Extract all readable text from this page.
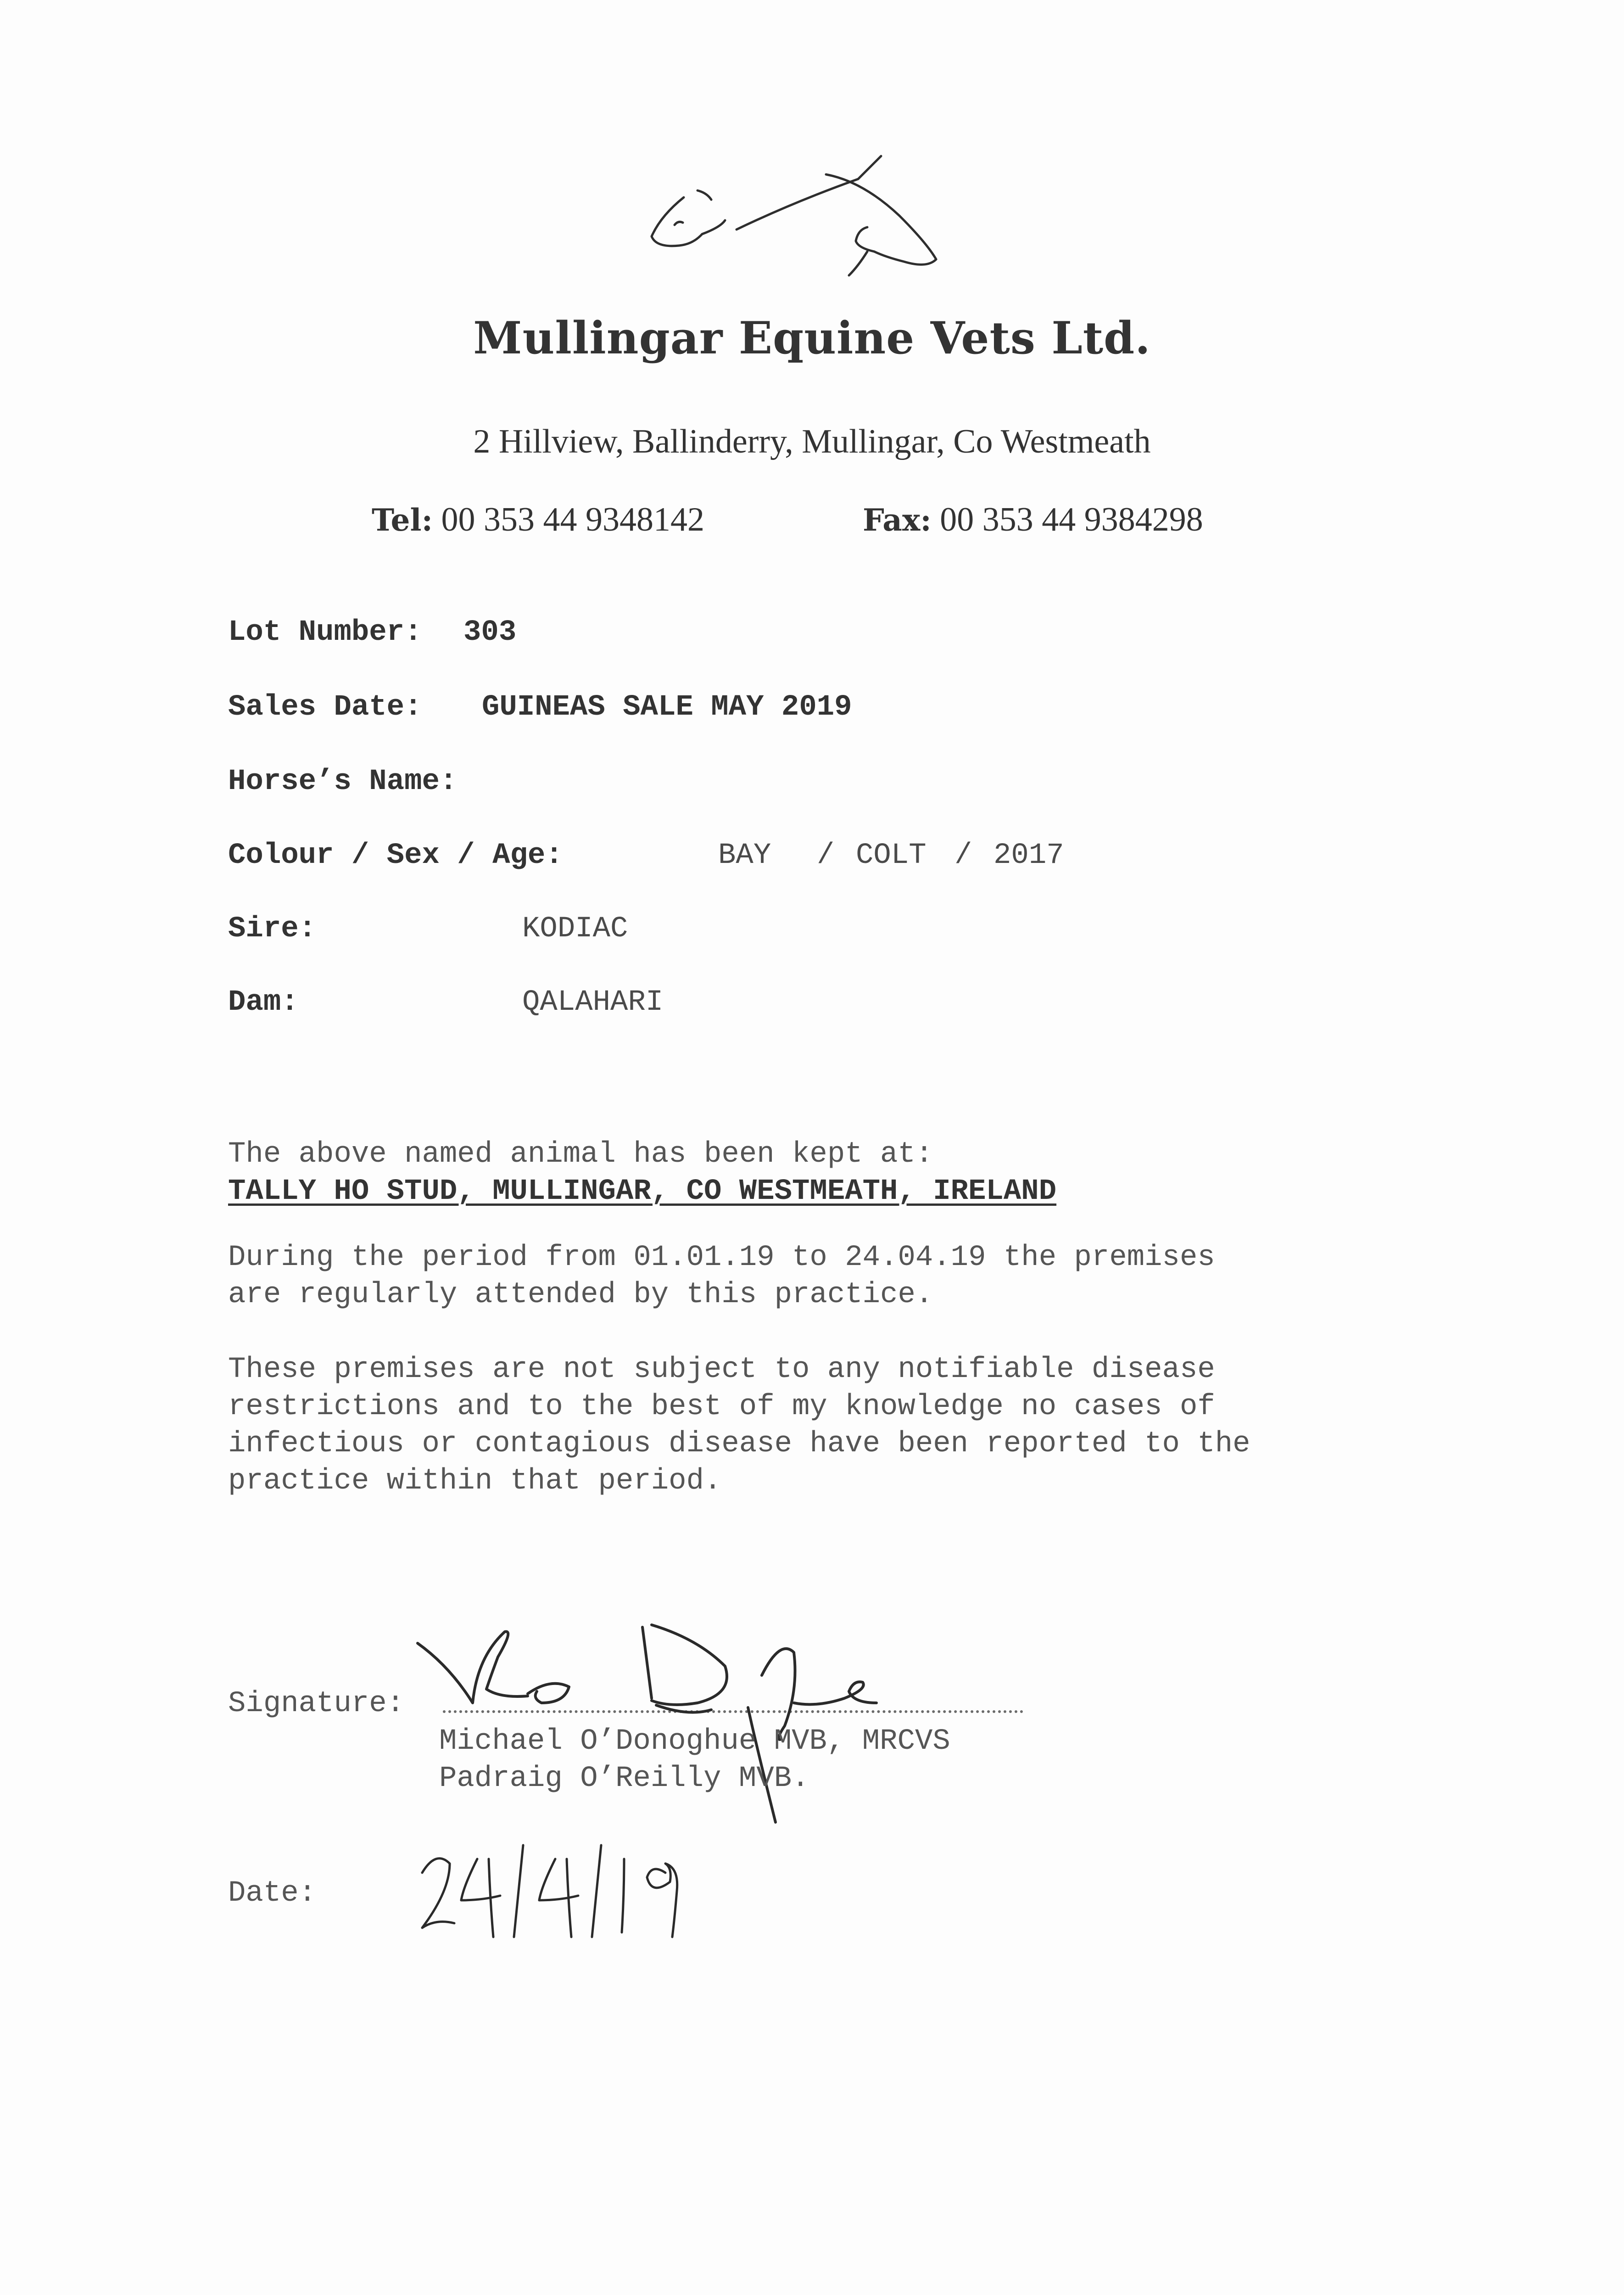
Mullingar Equine Vets Ltd.
2 Hillview, Ballinderry, Mullingar, Co Westmeath
Tel: 00 353 44 9348142	Fax: 00 353 44 9384298
Lot Number: 303
Sales Date: GUINEAS SALE MAY 2019
Horse’s Name:
Colour / Sex / Age:	BAY / COLT / 2017
Sire:	KODIAC
Dam:	QALAHARI
The above named animal has been kept at:
TALLY HO STUD, MULLINGAR, CO WESTMEATH, IRELAND
During the period from 01.01.19 to 24.04.19 the premises
are regularly attended by this practice.
These premises are not subject to any notifiable disease
restrictions and to the best of my knowledge no cases of
infectious or contagious disease have been reported to the
practice within that period.
Signature:
Michael O’Donoghue MVB, MRCVS
Padraig O’Reilly MVB.
Date:
